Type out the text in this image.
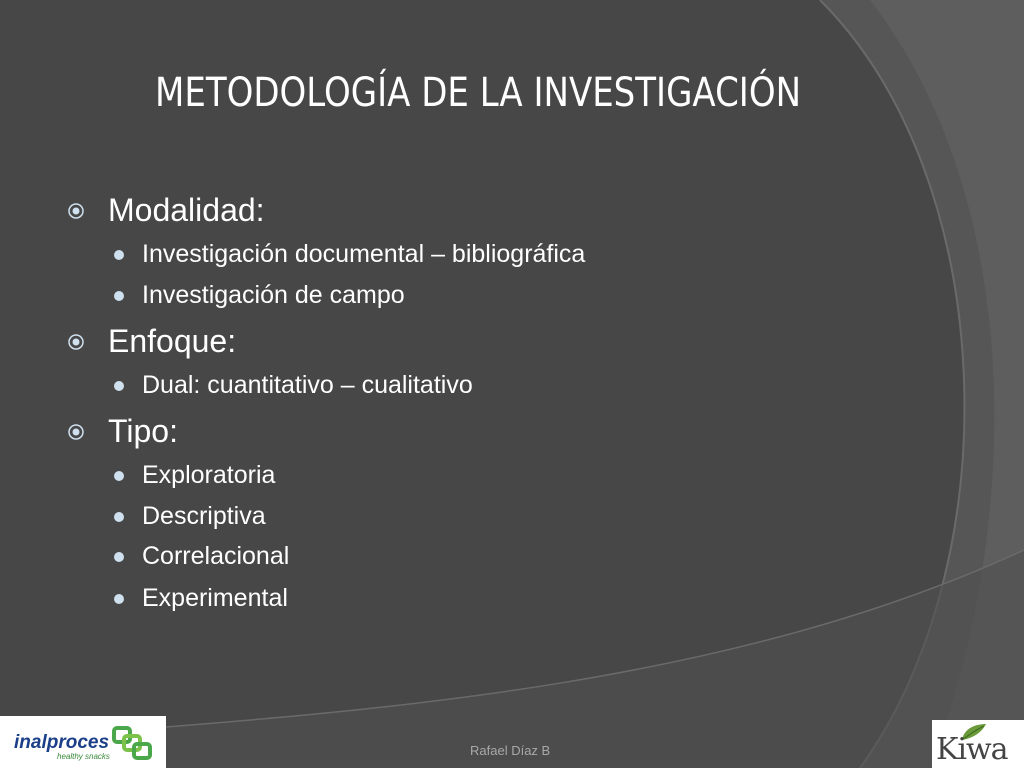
METODOLOGÍA DE LA INVESTIGACIÓN
Modalidad:
Investigación documental – bibliográfica
Investigación de campo
Enfoque:
Dual: cuantitativo – cualitativo
Tipo:
Exploratoria
Descriptiva
Correlacional
Experimental
inalproces
healthy snacks	Rafael Díaz B	Kiwa
